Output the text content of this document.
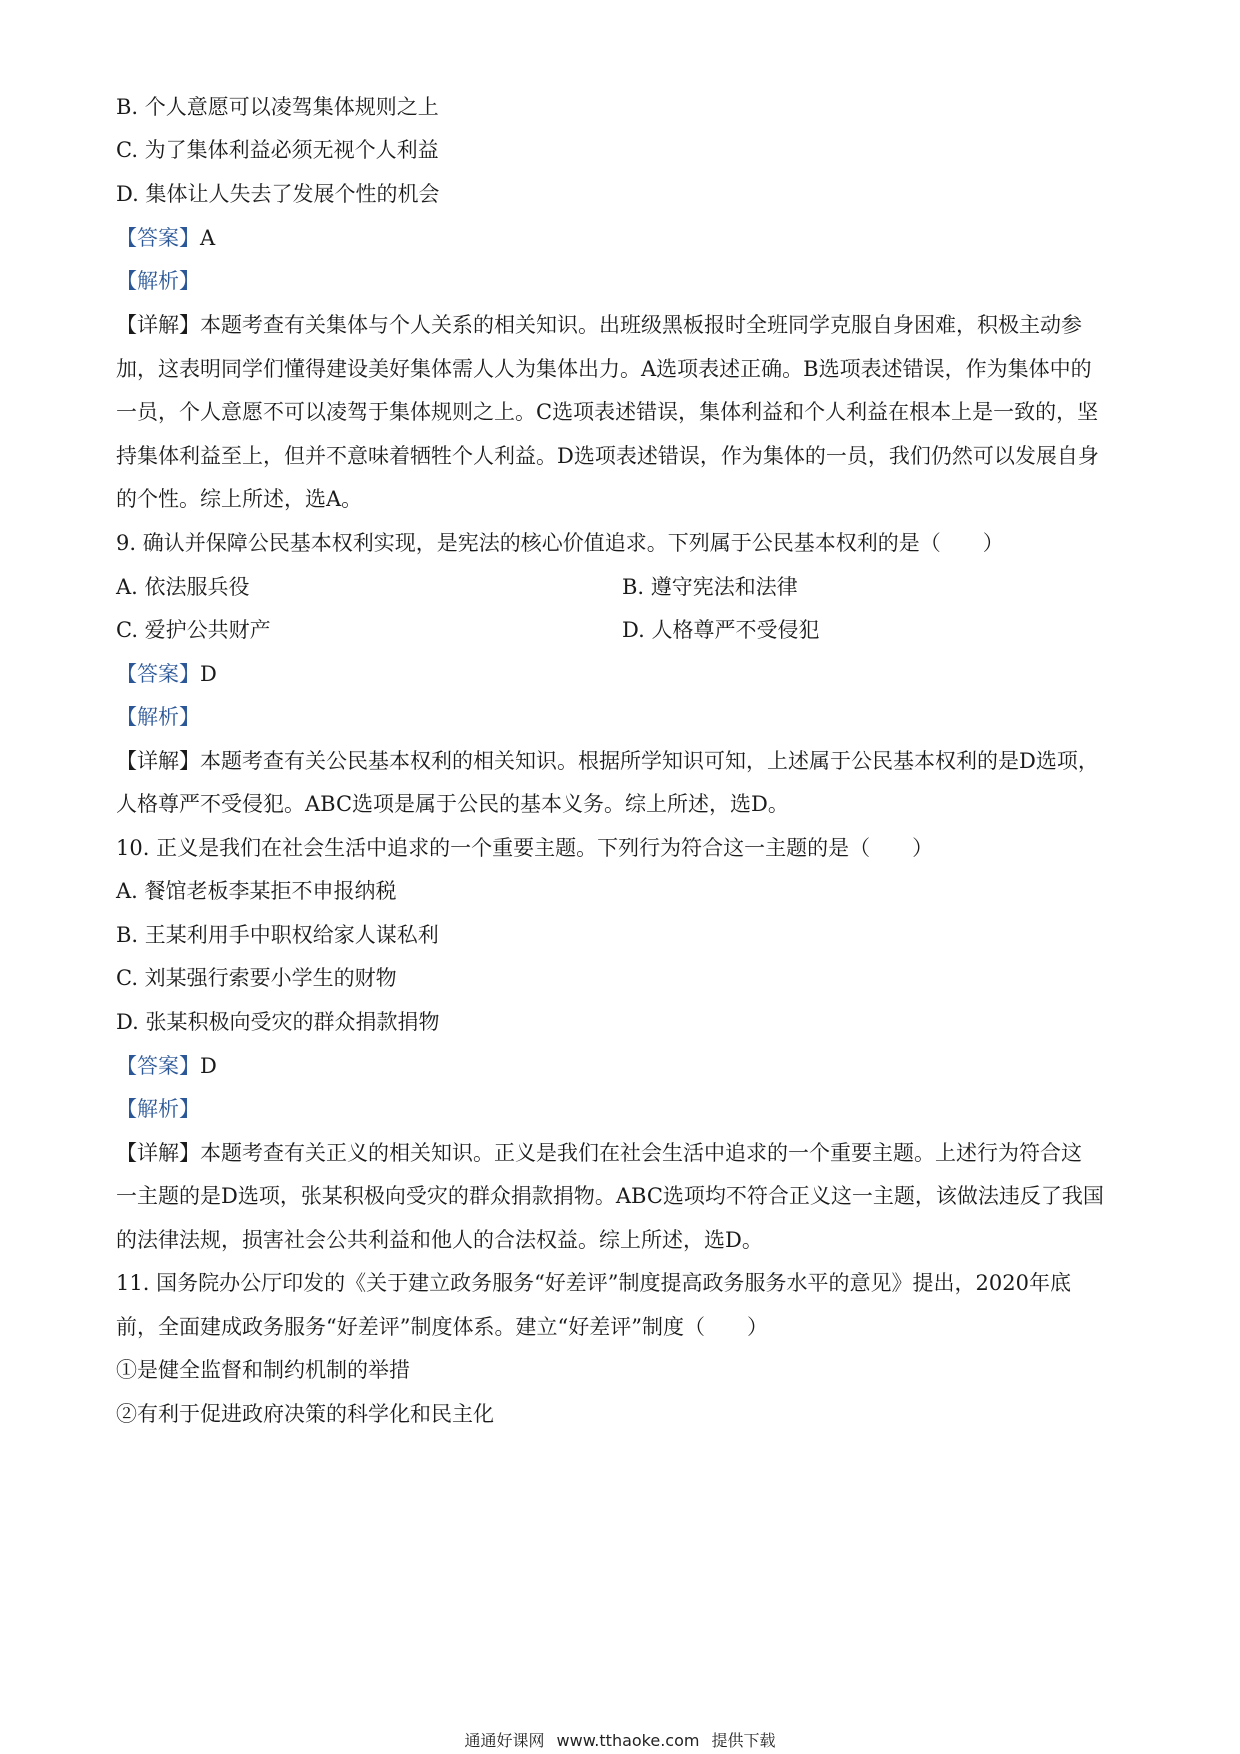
B. 个人意愿可以凌驾集体规则之上
C. 为了集体利益必须无视个人利益
D. 集体让人失去了发展个性的机会
【答案】A
【解析】
【详解】本题考查有关集体与个人关系的相关知识。出班级黑板报时全班同学克服自身困难，积极主动参
加，这表明同学们懂得建设美好集体需人人为集体出力。A选项表述正确。B选项表述错误，作为集体中的
一员，个人意愿不可以凌驾于集体规则之上。C选项表述错误，集体利益和个人利益在根本上是一致的，坚
持集体利益至上，但并不意味着牺牲个人利益。D选项表述错误，作为集体的一员，我们仍然可以发展自身
的个性。综上所述，选A。
9. 确认并保障公民基本权利实现，是宪法的核心价值追求。下列属于公民基本权利的是（　　）
A. 依法服兵役	B. 遵守宪法和法律
C. 爱护公共财产	D. 人格尊严不受侵犯
【答案】D
【解析】
【详解】本题考查有关公民基本权利的相关知识。根据所学知识可知，上述属于公民基本权利的是D选项，
人格尊严不受侵犯。ABC选项是属于公民的基本义务。综上所述，选D。
10. 正义是我们在社会生活中追求的一个重要主题。下列行为符合这一主题的是（　　）
A. 餐馆老板李某拒不申报纳税
B. 王某利用手中职权给家人谋私利
C. 刘某强行索要小学生的财物
D. 张某积极向受灾的群众捐款捐物
【答案】D
【解析】
【详解】本题考查有关正义的相关知识。正义是我们在社会生活中追求的一个重要主题。上述行为符合这
一主题的是D选项，张某积极向受灾的群众捐款捐物。ABC选项均不符合正义这一主题，该做法违反了我国
的法律法规，损害社会公共利益和他人的合法权益。综上所述，选D。
11. 国务院办公厅印发的《关于建立政务服务“好差评”制度提高政务服务水平的意见》提出，2020年底
前，全面建成政务服务“好差评”制度体系。建立“好差评”制度（　　）
①是健全监督和制约机制的举措
②有利于促进政府决策的科学化和民主化
通通好课网 www.tthaoke.com 提供下载
